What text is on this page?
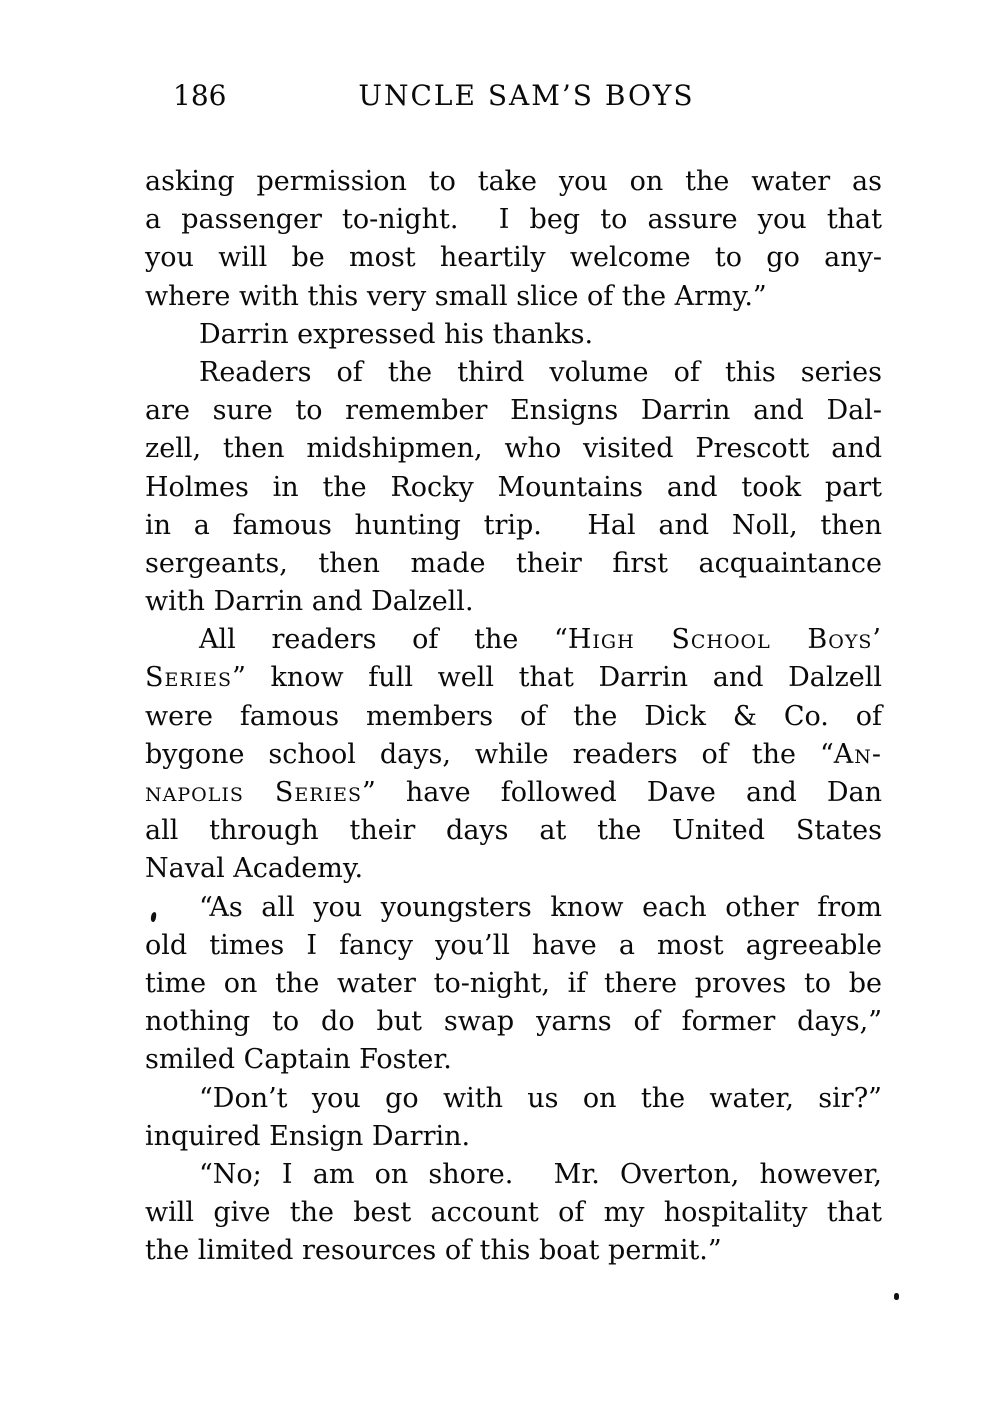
186	UNCLE SAM’S BOYS
asking permission to take you on the water as
a passenger to-night.  I beg to assure you that
you will be most heartily welcome to go any-
where with this very small slice of the Army.”
Darrin expressed his thanks.
Readers of the third volume of this series
are sure to remember Ensigns Darrin and Dal-
zell, then midshipmen, who visited Prescott and
Holmes in the Rocky Mountains and took part
in a famous hunting trip.  Hal and Noll, then
sergeants, then made their first acquaintance
with Darrin and Dalzell.
All readers of the “High School Boys’
Series” know full well that Darrin and Dalzell
were famous members of the Dick & Co. of
bygone school days, while readers of the “An-
napolis Series” have followed Dave and Dan
all through their days at the United States
Naval Academy.
“As all you youngsters know each other from
old times I fancy you’ll have a most agreeable
time on the water to-night, if there proves to be
nothing to do but swap yarns of former days,”
smiled Captain Foster.
“Don’t you go with us on the water, sir?”
inquired Ensign Darrin.
“No; I am on shore.  Mr. Overton, however,
will give the best account of my hospitality that
the limited resources of this boat permit.”
